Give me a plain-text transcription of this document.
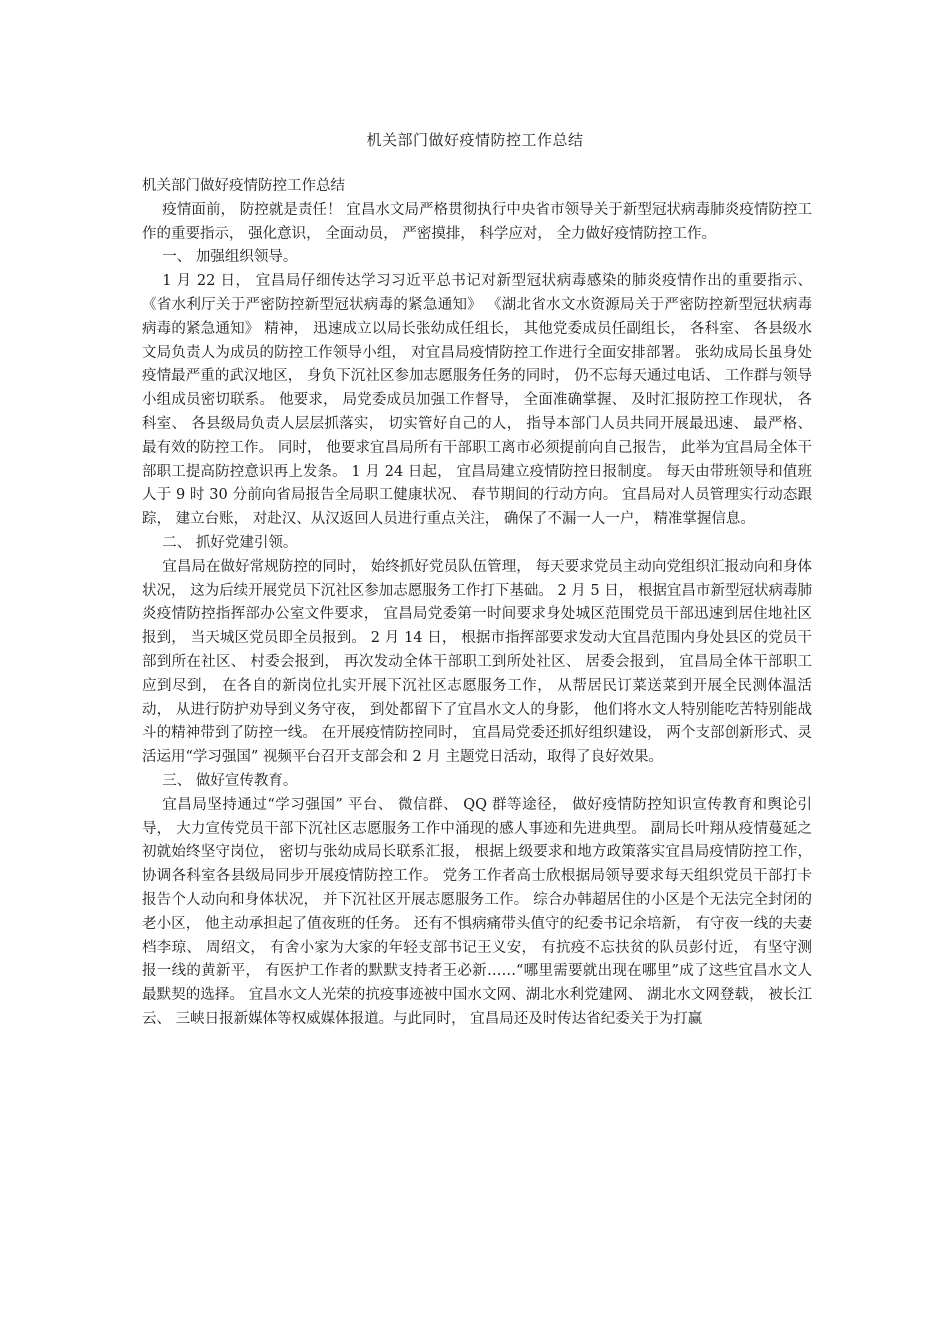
机关部门做好疫情防控工作总结

机关部门做好疫情防控工作总结

疫情面前， 防控就是责任！ 宜昌水文局严格贯彻执行中央省市领导关于新型冠状病毒肺炎疫情防控工作的重要指示， 强化意识， 全面动员， 严密摸排， 科学应对， 全力做好疫情防控工作。

一、 加强组织领导。

1 月 22 日， 宜昌局仔细传达学习习近平总书记对新型冠状病毒感染的肺炎疫情作出的重要指示、 《省水利厅关于严密防控新型冠状病毒的紧急通知》 《湖北省水文水资源局关于严密防控新型冠状病毒病毒的紧急通知》 精神， 迅速成立以局长张幼成任组长， 其他党委成员任副组长， 各科室、 各县级水文局负责人为成员的防控工作领导小组， 对宜昌局疫情防控工作进行全面安排部署。 张幼成局长虽身处疫情最严重的武汉地区， 身负下沉社区参加志愿服务任务的同时， 仍不忘每天通过电话、 工作群与领导小组成员密切联系。 他要求， 局党委成员加强工作督导， 全面准确掌握、 及时汇报防控工作现状， 各科室、 各县级局负责人层层抓落实， 切实管好自己的人， 指导本部门人员共同开展最迅速、 最严格、 最有效的防控工作。 同时， 他要求宜昌局所有干部职工离市必须提前向自己报告， 此举为宜昌局全体干部职工提高防控意识再上发条。 1 月 24 日起， 宜昌局建立疫情防控日报制度。 每天由带班领导和值班人于 9 时 30 分前向省局报告全局职工健康状况、 春节期间的行动方向。 宜昌局对人员管理实行动态跟踪， 建立台账， 对赴汉、从汉返回人员进行重点关注， 确保了不漏一人一户， 精准掌握信息。

二、 抓好党建引领。

宜昌局在做好常规防控的同时， 始终抓好党员队伍管理， 每天要求党员主动向党组织汇报动向和身体状况， 这为后续开展党员下沉社区参加志愿服务工作打下基础。 2 月 5 日， 根据宜昌市新型冠状病毒肺炎疫情防控指挥部办公室文件要求， 宜昌局党委第一时间要求身处城区范围党员干部迅速到居住地社区报到， 当天城区党员即全员报到。 2 月 14 日， 根据市指挥部要求发动大宜昌范围内身处县区的党员干部到所在社区、 村委会报到， 再次发动全体干部职工到所处社区、 居委会报到， 宜昌局全体干部职工应到尽到， 在各自的新岗位扎实开展下沉社区志愿服务工作， 从帮居民订菜送菜到开展全民测体温活动， 从进行防护劝导到义务守夜， 到处都留下了宜昌水文人的身影， 他们将水文人特别能吃苦特别能战斗的精神带到了防控一线。 在开展疫情防控同时， 宜昌局党委还抓好组织建设， 两个支部创新形式、灵活运用“学习强国” 视频平台召开支部会和 2 月 主题党日活动，取得了良好效果。

三、 做好宣传教育。

宜昌局坚持通过“学习强国” 平台、 微信群、 QQ 群等途径， 做好疫情防控知识宣传教育和舆论引导， 大力宣传党员干部下沉社区志愿服务工作中涌现的感人事迹和先进典型。 副局长叶翔从疫情蔓延之初就始终坚守岗位， 密切与张幼成局长联系汇报， 根据上级要求和地方政策落实宜昌局疫情防控工作， 协调各科室各县级局同步开展疫情防控工作。 党务工作者高士欣根据局领导要求每天组织党员干部打卡报告个人动向和身体状况， 并下沉社区开展志愿服务工作。 综合办韩超居住的小区是个无法完全封闭的老小区， 他主动承担起了值夜班的任务。 还有不惧病痛带头值守的纪委书记余培新， 有守夜一线的夫妻档李琼、 周绍文， 有舍小家为大家的年轻支部书记王义安， 有抗疫不忘扶贫的队员彭付近， 有坚守测报一线的黄新平， 有医护工作者的默默支持者王必新……“哪里需要就出现在哪里”成了这些宜昌水文人最默契的选择。 宜昌水文人光荣的抗疫事迹被中国水文网、湖北水利党建网、 湖北水文网登载， 被长江云、 三峡日报新媒体等权威媒体报道。与此同时， 宜昌局还及时传达省纪委关于为打赢
